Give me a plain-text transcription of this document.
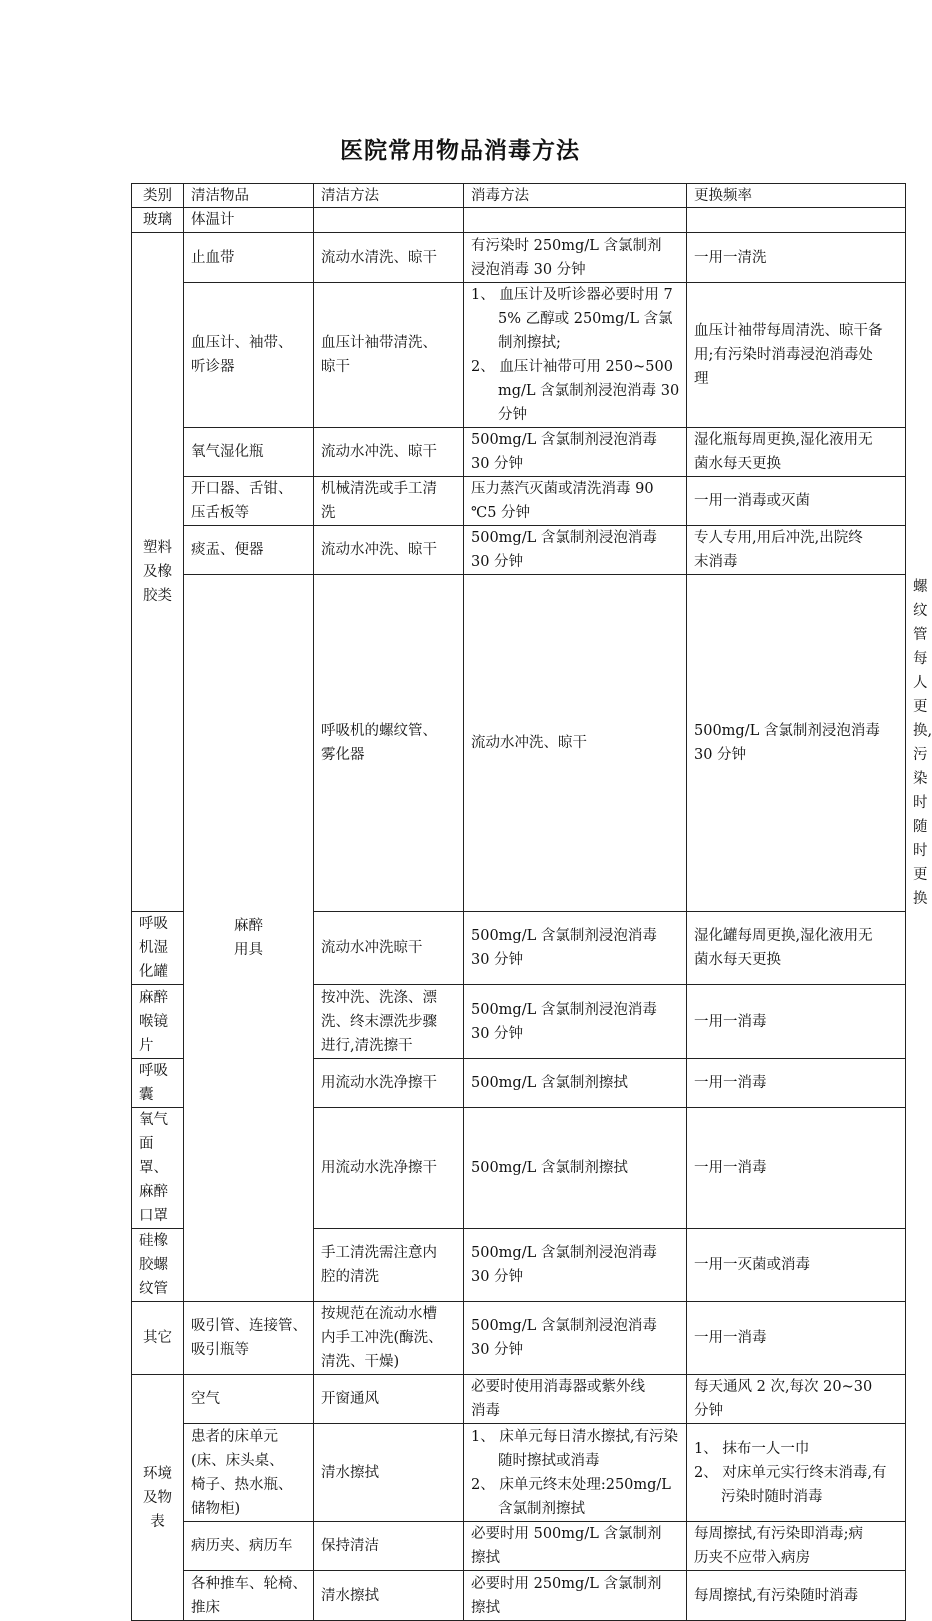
医院常用物品消毒方法
类别	清洁物品	清洁方法	消毒方法	更换频率	

玻璃	体温计				

塑料
及橡
胶类	止血带	流动水清洗、晾干	有污染时 250mg/L 含氯制剂
浸泡消毒 30 分钟	一用一清洗	

	血压计、袖带、
听诊器	血压计袖带清洗、
晾干	1、 血压计及听诊器必要时用 75% 乙醇或 250mg/L 含氯制剂擦拭;
2、 血压计袖带可用 250~500mg/L 含氯制剂浸泡消毒 30 分钟	血压计袖带每周清洗、晾干备
用;有污染时消毒浸泡消毒处
理	

	氧气湿化瓶	流动水冲洗、晾干	500mg/L 含氯制剂浸泡消毒
30 分钟	湿化瓶每周更换,湿化液用无
菌水每天更换	

	开口器、舌钳、
压舌板等	机械清洗或手工清
洗	压力蒸汽灭菌或清洗消毒 90
℃5 分钟	一用一消毒或灭菌	
	痰盂、便器	流动水冲洗、晾干	500mg/L 含氯制剂浸泡消毒
30 分钟	专人专用,用后冲洗,出院终
末消毒	

	麻醉
用具	呼吸机的螺纹管、
雾化器	流动水冲洗、晾干	500mg/L 含氯制剂浸泡消毒
30 分钟	螺纹管每人更换,污染时随时
更换

呼吸机湿化罐		流动水冲洗晾干	500mg/L 含氯制剂浸泡消毒
30 分钟	湿化罐每周更换,湿化液用无
菌水每天更换	

麻醉喉镜片		按冲洗、洗涤、漂
洗、终末漂洗步骤
进行,清洗擦干	500mg/L 含氯制剂浸泡消毒
30 分钟	一用一消毒	
呼吸囊		用流动水洗净擦干	500mg/L 含氯制剂擦拭	一用一消毒	

氧气面罩、麻醉
口罩		用流动水洗净擦干	500mg/L 含氯制剂擦拭	一用一消毒	
硅橡胶螺纹管		手工清洗需注意内
腔的清洗	500mg/L 含氯制剂浸泡消毒
30 分钟	一用一灭菌或消毒	

其它	吸引管、连接管、
吸引瓶等	按规范在流动水槽
内手工冲洗(酶洗、
清洗、干燥)	500mg/L 含氯制剂浸泡消毒
30 分钟	一用一消毒	

环境
及物
表	空气	开窗通风	必要时使用消毒器或紫外线
消毒	每天通风 2 次,每次 20~30
分钟	

	患者的床单元
(床、床头桌、
椅子、热水瓶、
储物柜)	清水擦拭	1、 床单元每日清水擦拭,有污染随时擦拭或消毒
2、 床单元终末处理:250mg/L 含氯制剂擦拭	1、 抹布一人一巾
2、 对床单元实行终末消毒,有污染时随时消毒	

	病历夹、病历车	保持清洁	必要时用 500mg/L 含氯制剂
擦拭	每周擦拭,有污染即消毒;病
历夹不应带入病房	

	各种推车、轮椅、
推床	清水擦拭	必要时用 250mg/L 含氯制剂
擦拭	每周擦拭,有污染随时消毒	
